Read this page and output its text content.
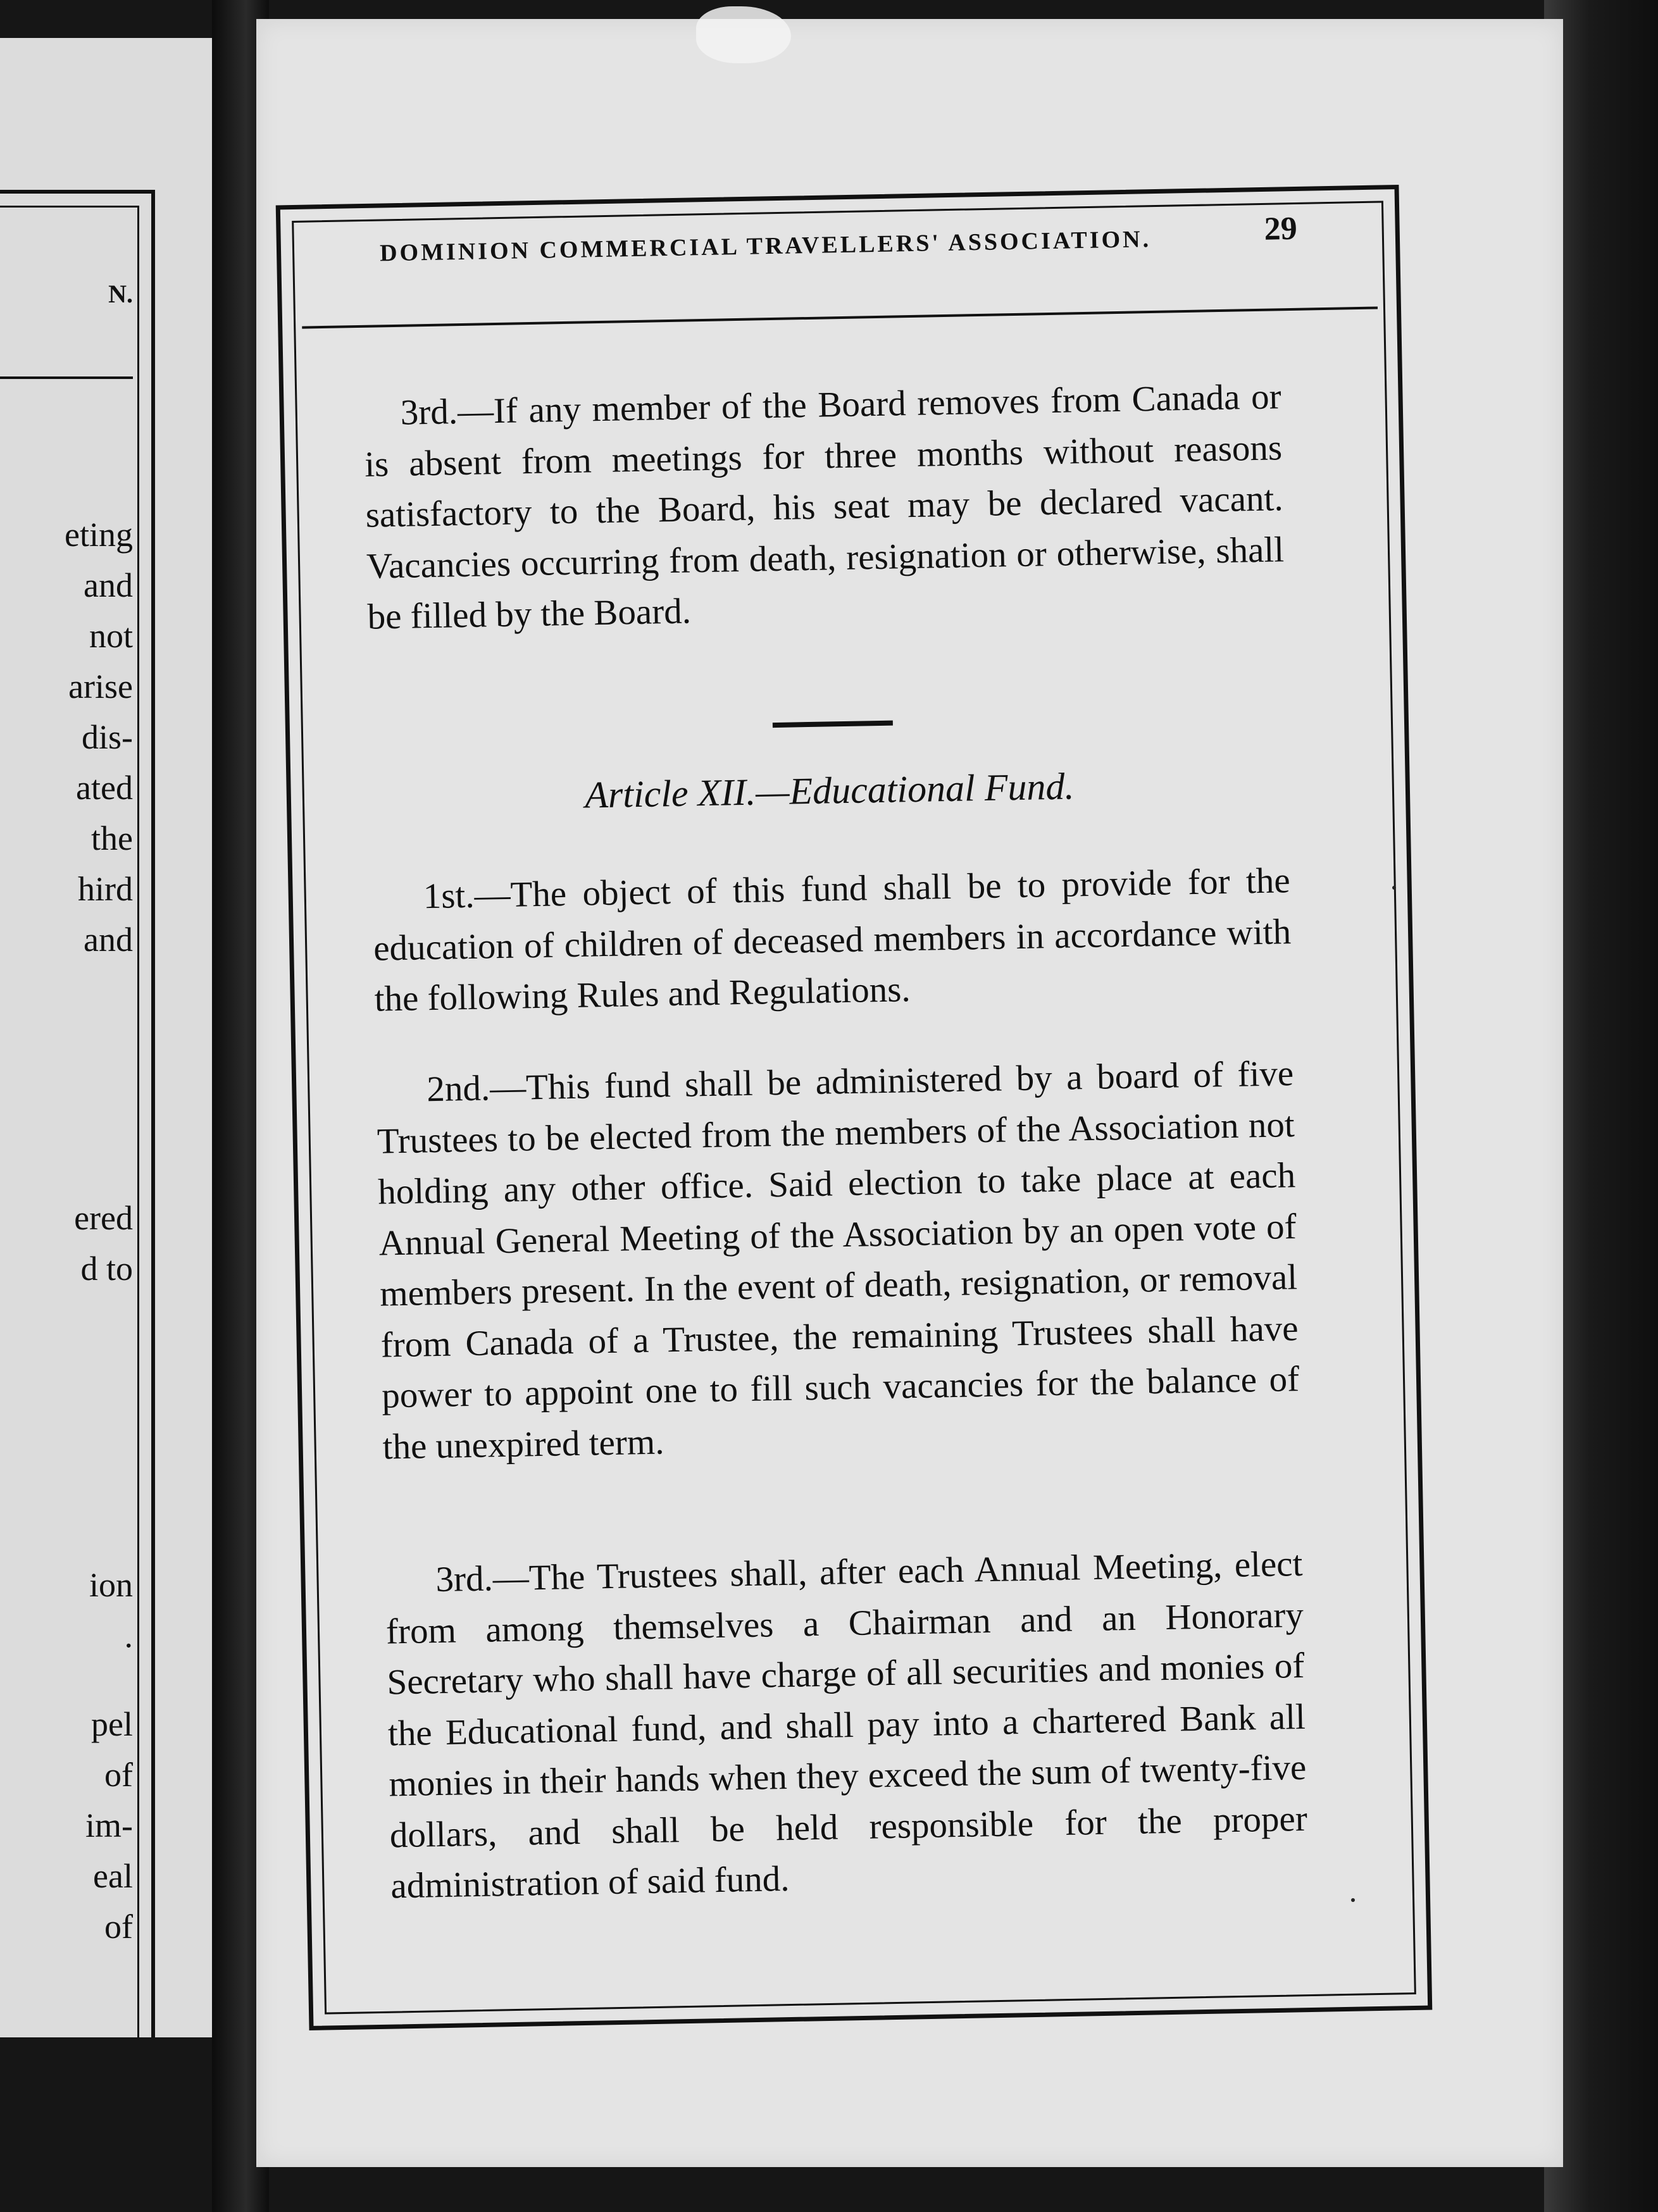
N.
eting
and
not
arise
dis-
ated
the
hird
and
ered
d to
ion
.
pel
of
im-
eal
of
DOMINION COMMERCIAL TRAVELLERS' ASSOCIATION.	29
3rd.—If any member of the Board removes from Canada or is absent from meetings for three months without reasons satisfactory to the Board, his seat may be declared vacant. Vacancies occurring from death, resignation or otherwise, shall be filled by the Board.
Article XII.—Educational Fund.
1st.—The object of this fund shall be to provide for the education of children of deceased members in accordance with the following Rules and Regulations.
2nd.—This fund shall be administered by a board of five Trustees to be elected from the members of the Association not holding any other office. Said election to take place at each Annual General Meeting of the Association by an open vote of members present. In the event of death, resignation, or removal from Canada of a Trustee, the remaining Trustees shall have power to appoint one to fill such vacancies for the balance of the unexpired term.
3rd.—The Trustees shall, after each Annual Meeting, elect from among themselves a Chairman and an Honorary Secretary who shall have charge of all securities and monies of the Educational fund, and shall pay into a chartered Bank all monies in their hands when they exceed the sum of twenty-five dollars, and shall be held responsible for the proper administration of said fund.
